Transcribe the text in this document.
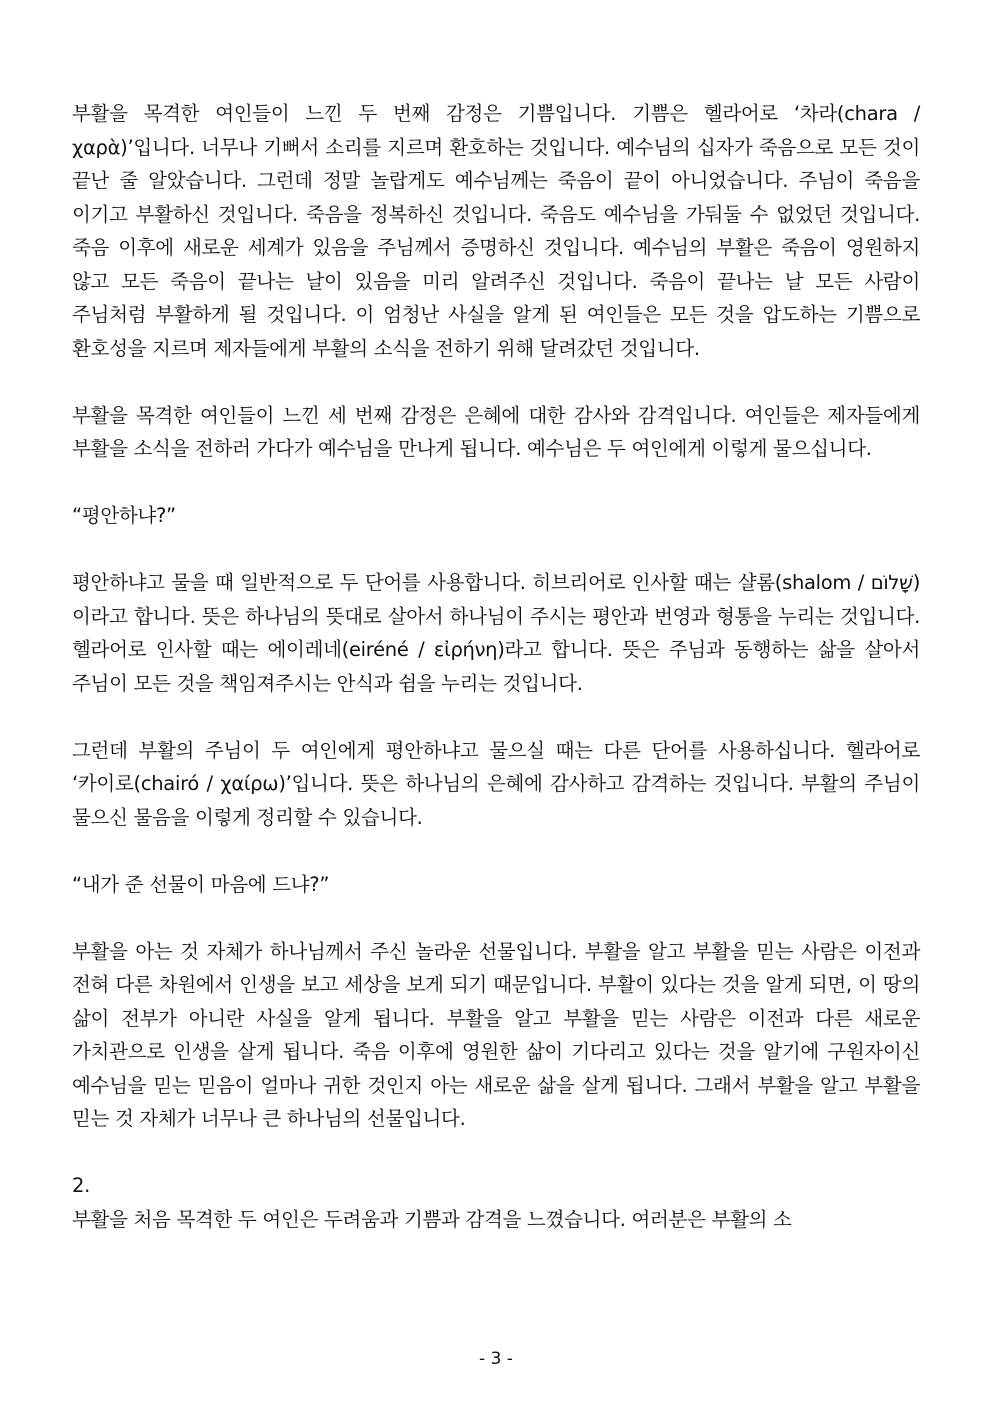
부활을 목격한 여인들이 느낀 두 번째 감정은 기쁨입니다. 기쁨은 헬라어로 ‘차라(chara / χαρὰ)’입니다. 너무나 기뻐서 소리를 지르며 환호하는 것입니다. 예수님의 십자가 죽음으로 모든 것이 끝난 줄 알았습니다. 그런데 정말 놀랍게도 예수님께는 죽음이 끝이 아니었습니다. 주님이 죽음을 이기고 부활하신 것입니다. 죽음을 정복하신 것입니다. 죽음도 예수님을 가둬둘 수 없었던 것입니다. 죽음 이후에 새로운 세계가 있음을 주님께서 증명하신 것입니다. 예수님의 부활은 죽음이 영원하지 않고 모든 죽음이 끝나는 날이 있음을 미리 알려주신 것입니다. 죽음이 끝나는 날 모든 사람이 주님처럼 부활하게 될 것입니다. 이 엄청난 사실을 알게 된 여인들은 모든 것을 압도하는 기쁨으로 환호성을 지르며 제자들에게 부활의 소식을 전하기 위해 달려갔던 것입니다.

부활을 목격한 여인들이 느낀 세 번째 감정은 은혜에 대한 감사와 감격입니다. 여인들은 제자들에게 부활을 소식을 전하러 가다가 예수님을 만나게 됩니다. 예수님은 두 여인에게 이렇게 물으십니다.

“평안하냐?”

평안하냐고 물을 때 일반적으로 두 단어를 사용합니다. 히브리어로 인사할 때는 샬롬(shalom / שָׁלוֹם)이라고 합니다. 뜻은 하나님의 뜻대로 살아서 하나님이 주시는 평안과 번영과 형통을 누리는 것입니다. 헬라어로 인사할 때는 에이레네(eiréné / εἰρήνη)라고 합니다. 뜻은 주님과 동행하는 삶을 살아서 주님이 모든 것을 책임져주시는 안식과 쉼을 누리는 것입니다.

그런데 부활의 주님이 두 여인에게 평안하냐고 물으실 때는 다른 단어를 사용하십니다. 헬라어로 ‘카이로(chairó / χαίρω)’입니다. 뜻은 하나님의 은혜에 감사하고 감격하는 것입니다. 부활의 주님이 물으신 물음을 이렇게 정리할 수 있습니다.

“내가 준 선물이 마음에 드냐?”

부활을 아는 것 자체가 하나님께서 주신 놀라운 선물입니다. 부활을 알고 부활을 믿는 사람은 이전과 전혀 다른 차원에서 인생을 보고 세상을 보게 되기 때문입니다. 부활이 있다는 것을 알게 되면, 이 땅의 삶이 전부가 아니란 사실을 알게 됩니다. 부활을 알고 부활을 믿는 사람은 이전과 다른 새로운 가치관으로 인생을 살게 됩니다. 죽음 이후에 영원한 삶이 기다리고 있다는 것을 알기에 구원자이신 예수님을 믿는 믿음이 얼마나 귀한 것인지 아는 새로운 삶을 살게 됩니다. 그래서 부활을 알고 부활을 믿는 것 자체가 너무나 큰 하나님의 선물입니다.

2.

부활을 처음 목격한 두 여인은 두려움과 기쁨과 감격을 느꼈습니다. 여러분은 부활의 소

- 3 -
